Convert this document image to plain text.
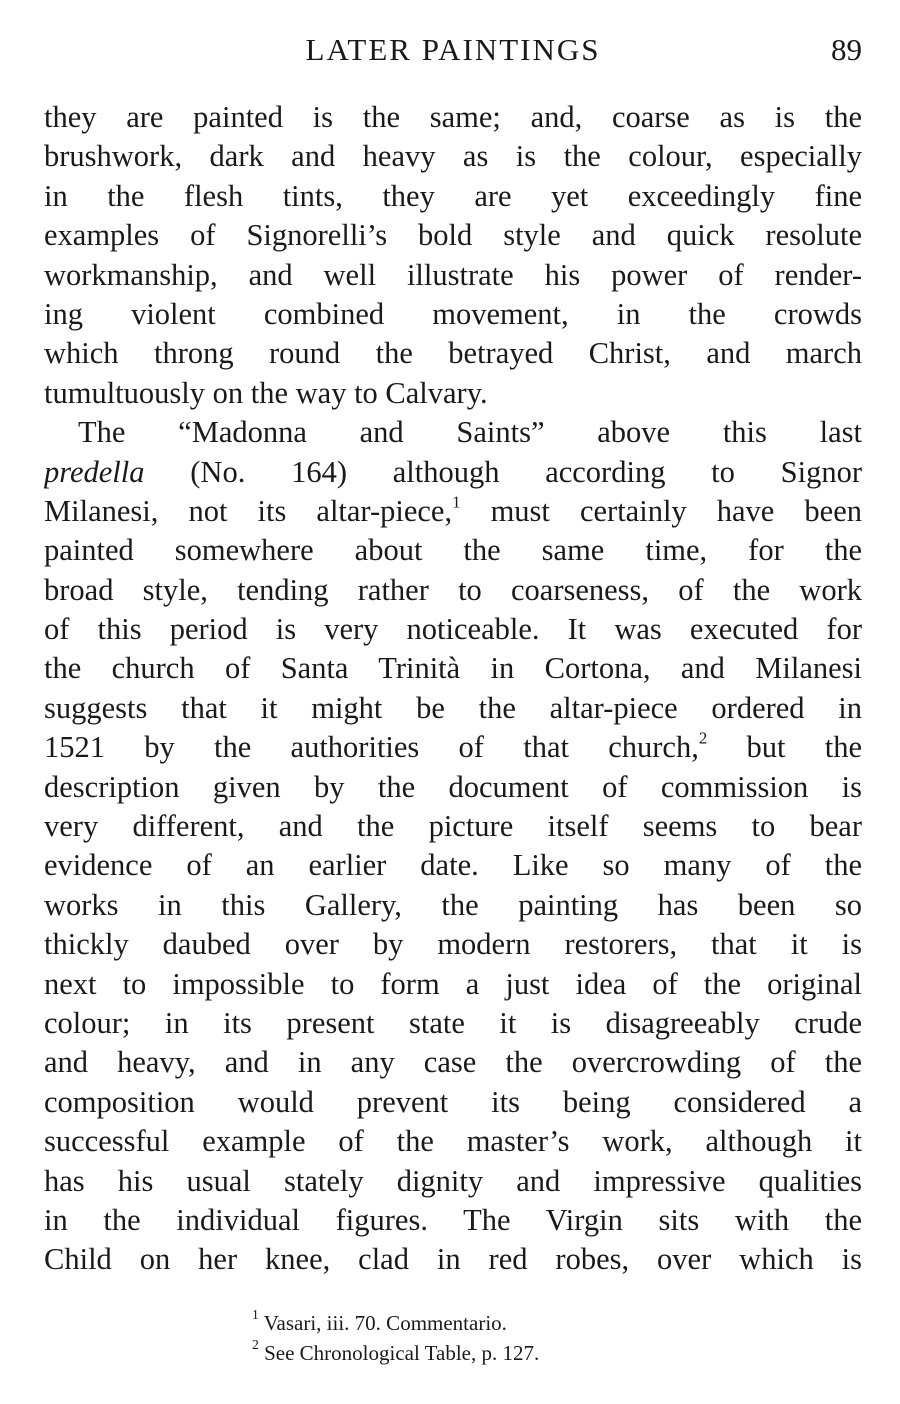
LATER PAINTINGS	89
they are painted is the same; and, coarse as is the
brushwork, dark and heavy as is the colour, especially
in the flesh tints, they are yet exceedingly fine
examples of Signorelli’s bold style and quick resolute
workmanship, and well illustrate his power of render-
ing violent combined movement, in the crowds
which throng round the betrayed Christ, and march
tumultuously on the way to Calvary.
The “Madonna and Saints” above this last
predella (No. 164) although according to Signor
Milanesi, not its altar-piece,$^1$ must certainly have been
painted somewhere about the same time, for the
broad style, tending rather to coarseness, of the work
of this period is very noticeable. It was executed for
the church of Santa Trinità in Cortona, and Milanesi
suggests that it might be the altar-piece ordered in
1521 by the authorities of that church,$^2$ but the
description given by the document of commission is
very different, and the picture itself seems to bear
evidence of an earlier date. Like so many of the
works in this Gallery, the painting has been so
thickly daubed over by modern restorers, that it is
next to impossible to form a just idea of the original
colour; in its present state it is disagreeably crude
and heavy, and in any case the overcrowding of the
composition would prevent its being considered a
successful example of the master’s work, although it
has his usual stately dignity and impressive qualities
in the individual figures. The Virgin sits with the
Child on her knee, clad in red robes, over which is
$^1$ Vasari, iii. 70. Commentario.
$^2$ See Chronological Table, p. 127.
